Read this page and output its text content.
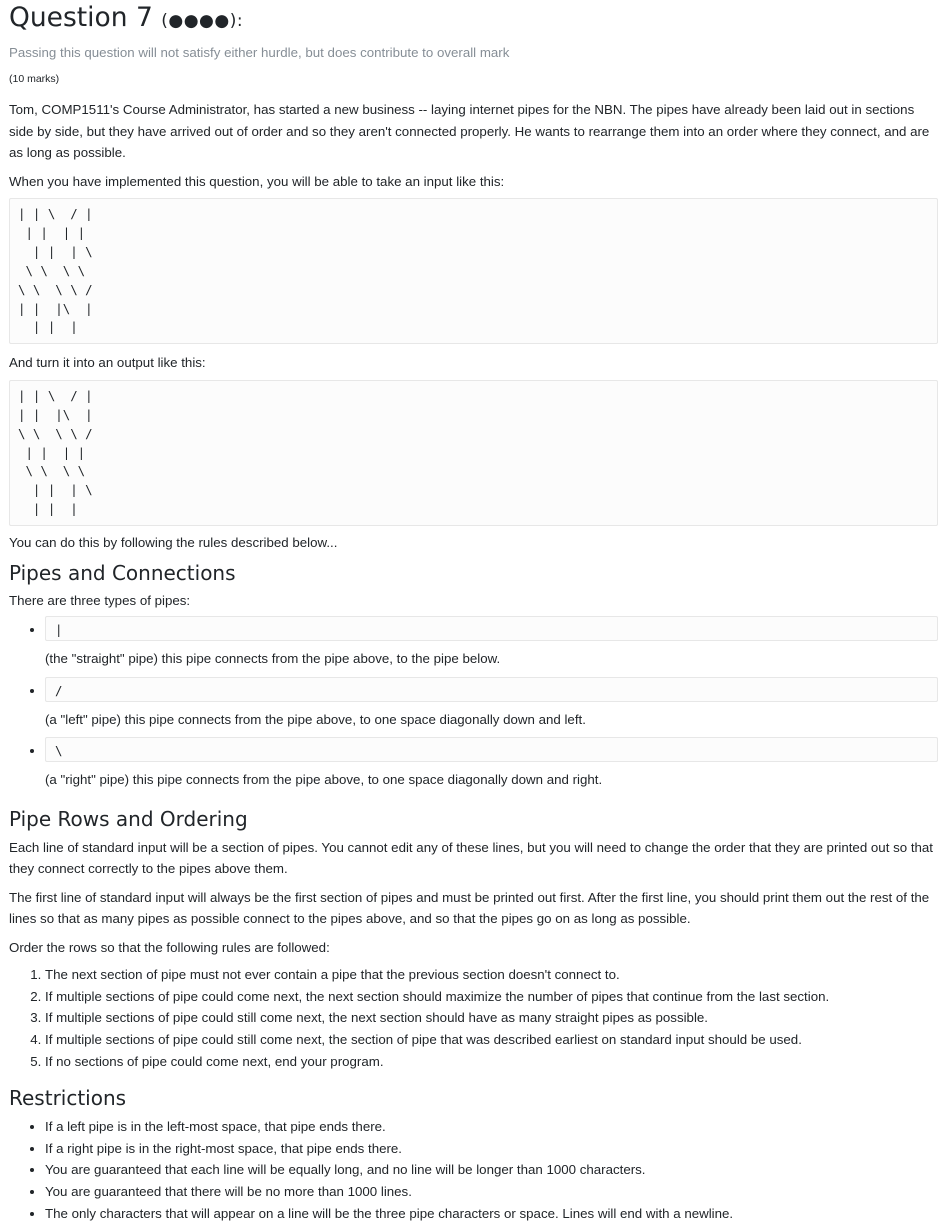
Question 7 (●●●●):

Passing this question will not satisfy either hurdle, but does contribute to overall mark

(10 marks)

Tom, COMP1511's Course Administrator, has started a new business -- laying internet pipes for the NBN. The pipes have already been laid out in sections side by side, but they have arrived out of order and so they aren't connected properly. He wants to rearrange them into an order where they connect, and are as long as possible.

When you have implemented this question, you will be able to take an input like this:

| | \  / |
| |  | |
| |  | \
\ \  \ \
\ \  \ \ /
| |  |\  |
| |  |

And turn it into an output like this:

| | \  / |
| |  |\  |
\ \  \ \ /
| |  | |
\ \  \ \
| |  | \
| |  |

You can do this by following the rules described below...

Pipes and Connections

There are three types of pipes:

• |
(the "straight" pipe) this pipe connects from the pipe above, to the pipe below.
• /
(a "left" pipe) this pipe connects from the pipe above, to one space diagonally down and left.
• \
(a "right" pipe) this pipe connects from the pipe above, to one space diagonally down and right.
Pipe Rows and Ordering

Each line of standard input will be a section of pipes. You cannot edit any of these lines, but you will need to change the order that they are printed out so that they connect correctly to the pipes above them.

The first line of standard input will always be the first section of pipes and must be printed out first. After the first line, you should print them out the rest of the lines so that as many pipes as possible connect to the pipes above, and so that the pipes go on as long as possible.

Order the rows so that the following rules are followed:

1. The next section of pipe must not ever contain a pipe that the previous section doesn't connect to.
2. If multiple sections of pipe could come next, the next section should maximize the number of pipes that continue from the last section.
3. If multiple sections of pipe could still come next, the next section should have as many straight pipes as possible.
4. If multiple sections of pipe could still come next, the section of pipe that was described earliest on standard input should be used.
5. If no sections of pipe could come next, end your program.
Restrictions
• If a left pipe is in the left-most space, that pipe ends there.
• If a right pipe is in the right-most space, that pipe ends there.
• You are guaranteed that each line will be equally long, and no line will be longer than 1000 characters.
• You are guaranteed that there will be no more than 1000 lines.
• The only characters that will appear on a line will be the three pipe characters or space. Lines will end with a newline.
